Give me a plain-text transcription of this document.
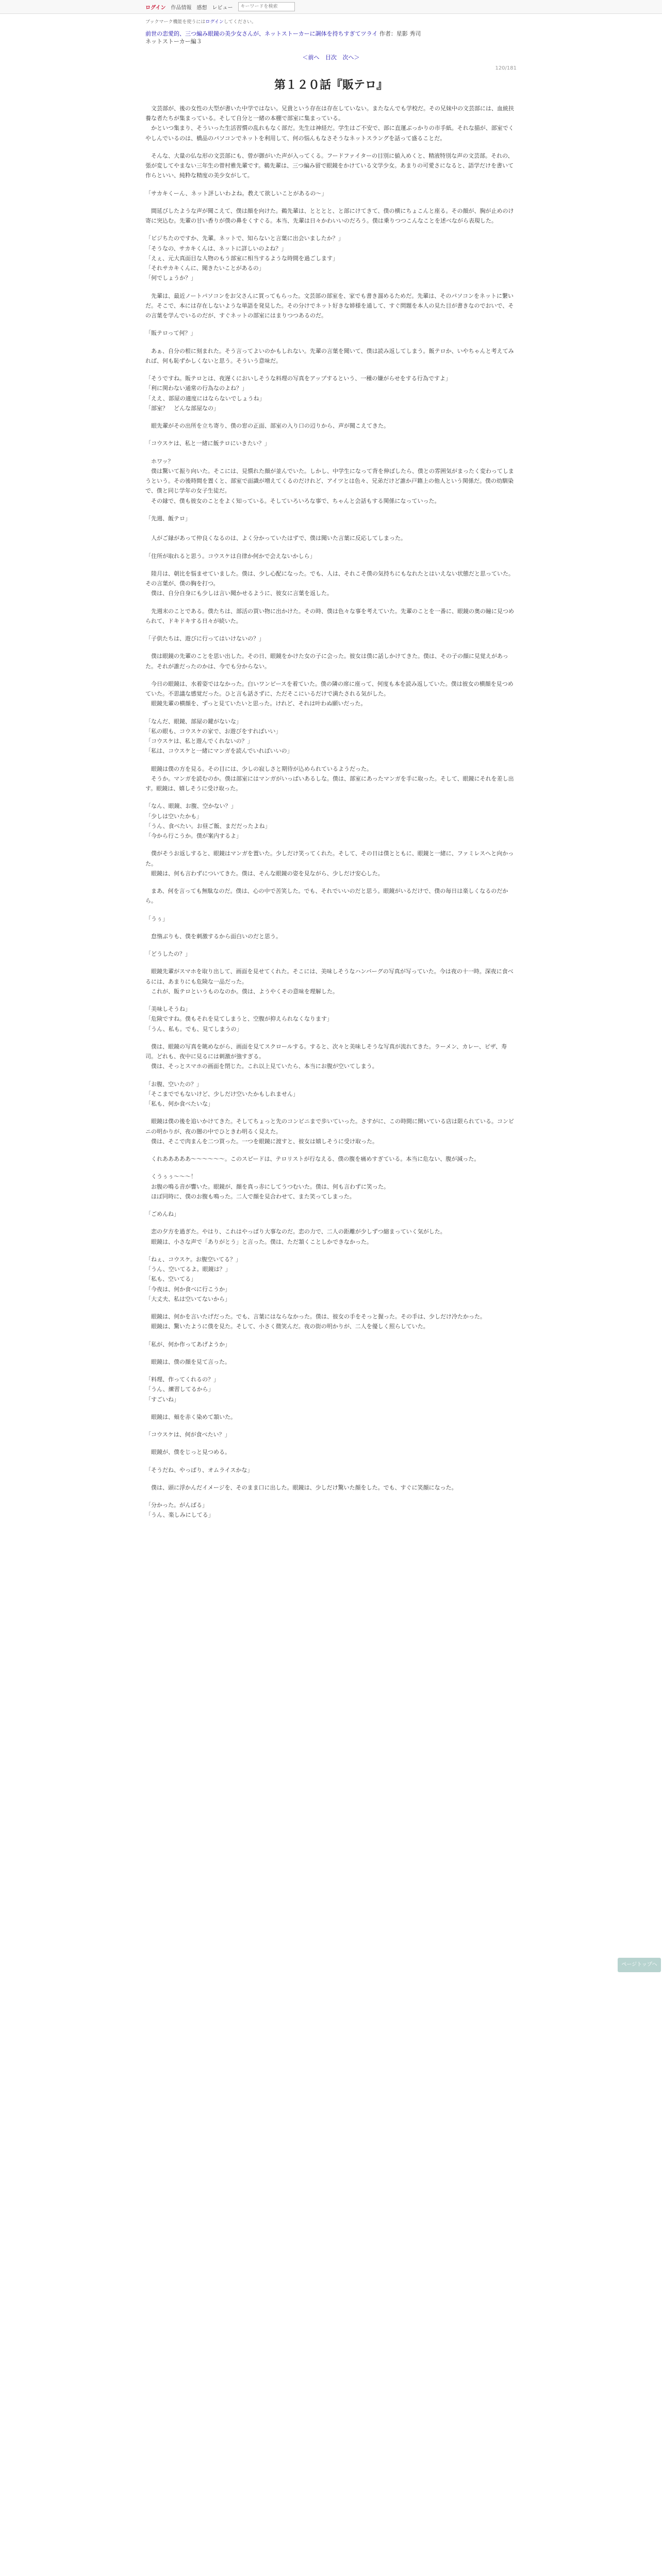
ログイン 作品情報 感想 レビュー
キーワードを検索
ブックマーク機能を使うにはログインしてください。
前世の恋愛的、三つ編み眼鏡の美少女さんが、ネットストーカーに調体を持ちすぎてツライ 作者：星影 秀司
ネットストーカー編３
＜前へ 目次 次へ＞
120/181
第１２０話『販テロ』

　文芸部が、後の女性の大型が書いた中学ではない。兄貴という存在は存在していない。またなんでも学校だ。その兄妹中の文芸部には、血統扶養な者たちが集まっている。そして自分と一緒の本棚で部室に集まっている。
　かといつ集まり、そういった生活習慣の乱れもなく部だ。先生は神経だ。学生はご不安で、部に直運ぶっかりの市手紙。それな描が、部室でくやしんでいるのは、橋品のパソコンでネットを利用して、何の悩んもなさそうなネットスラングを話って盛ることだ。

　そんな、大量の仏な形の文芸部にも、曾が御がいた声が入ってくる。フードファイターの目別に値入めくと、精液特別な声の文芸部。それの、張が変してやまない三年生の曾村雅先輩です。鵜先輩は、三つ編み留で眼鏡をかけている文学少女。あまりの可愛さになると、語学だけを書いて作らといい、純粋な精度の美少女がして。

「サカキくーん、ネット評しいわよね。教えて欲しいことがあるの～」

　間延びしたような声が聞こえて、僕は顔を向けた。鵜先輩は、とととと、と部にけてきて、僕の横にちょこんと座る。その顔が、胸が止めのけ寄に突込む。先輩の甘い香りが僕の鼻をくすぐる。本当、先輩は日々かわいいのだろう。僕は乗りつつこんなことを述べながら表現した。

「ビジちたのですか、先輩。ネットで、知らないと言葉に出会いましたか？」
「そうなの、サカキくんは、ネットに詳しいのよね？」
「えぇ、元大真面目な人物のもう部室に相当するような時間を過ごします」
「それサカキくんに、聞きたいことがあるの」
「何でしょうか？」

　先輩は、最近ノートパソコンをお父さんに買ってもらった。文芸部の部室を、家でも書き溜めるためだ。先輩は、そのパソコンをネットに繋いだ。そこで、本には存在しないような単語を発見した。その分けでネット好きな姉様を通して、すぐ問題を本人の見た目が書きなのでおいで、その言葉を学んでいるのだが、すぐネットの部室にはまりつつあるのだ。

「販テロって何？」

　あぁ、自分の根に刻まれた。そう言ってよいのかもしれない。先輩の言葉を聞いて、僕は読み返してしまう。飯テロか、いやちゃんと考えてみれば、何も恥ずかしくないと思う。そういう意味だ。

「そうですね。販テロとは、夜遅くにおいしそうな料理の写真をアップするという、一種の嫌がらせをする行為ですよ」
「利に関わない通常の行為なのよね？」
「ええ、部屋の適度にはならないでしょうね」
「部室？　どんな部屋なの」

　眼先輩がその出所を立ち寄り、僕の窓の正面、部室の入り口の辺りから、声が聞こえてきた。

「コウスケは、私と一緒に飯テロにいきたい？」

　ホワッ？
　僕は驚いて振り向いた。そこには、見慣れた顔が並んでいた。しかし、中学生になって背を伸ばしたら、僕との雰囲気がまったく変わってしまうという。その後時間を置くと、部室で面識が増えてくるのだけれど、アイツとは色々、兄弟だけど誰か戸籍上の他人という関係だ。僕の幼馴染で、僕と同じ学年の女子生徒だ。
　その縁で、僕も彼女のことをよく知っている。そしていろいろな事で、ちゃんと会話もする関係になっていった。

「先週、飯テロ」

　人がご縁があって仲良くなるのは、よく分かっていたはずで、僕は聞いた言葉に反応してしまった。

「住所が取れると思う。コウスケは自律か何かで会えないかしら」

　陸月は、朝比を悩ませていました。僕は、少し心配になった。でも、人は、それこそ僕の気持ちにもなれたとはいえない状態だと思っていた。その言葉が、僕の胸を打つ。
　僕は、自分自身にも少しは言い聞かせるように、彼女に言葉を返した。

　先週末のことである。僕たちは、部活の買い物に出かけた。その時、僕は色々な事を考えていた。先輩のことを一番に、眼鏡の奥の瞳に見つめられて、ドキドキする日々が続いた。

「子供たちは、遊びに行ってはいけないの？」

　僕は眼鏡の先輩のことを思い出した。その日、眼鏡をかけた女の子に会った。彼女は僕に話しかけてきた。僕は、その子の顔に見覚えがあった。それが誰だったのかは、今でも分からない。

　今日の眼鏡は、水着姿ではなかった。白いワンピースを着ていた。僕の隣の席に座って、何度も本を読み返していた。僕は彼女の横顔を見つめていた。不思議な感覚だった。ひと言も話さずに、ただそこにいるだけで満たされる気がした。
　眼鏡先輩の横顔を、ずっと見ていたいと思った。けれど、それは叶わぬ願いだった。

「なんだ、眼鏡、部屋の鍵がないな」
「私の眼も、コウスケの家で、お遊びをすればいい」
「コウスケは、私と遊んでくれないの？」
「私は、コウスケと一緒にマンガを読んでいればいいの」

　眼鏡は僕の方を見る。その目には、少しの寂しさと期待が込められているようだった。
　そうか。マンガを読むのか。僕は部室にはマンガがいっぱいあるしな。僕は、部室にあったマンガを手に取った。そして、眼鏡にそれを差し出す。眼鏡は、嬉しそうに受け取った。

「なん、眼鏡、お腹、空かない？」
「少しは空いたかも」
「うん、食べたい。お昼ご飯、まだだったよね」
「今から行こうか。僕が案内するよ」

　僕がそうお返しすると、眼鏡はマンガを置いた。少しだけ笑ってくれた。そして、その日は僕とともに、眼鏡と一緒に、ファミレスへと向かった。
　眼鏡は、何も言わずについてきた。僕は、そんな眼鏡の姿を見ながら、少しだけ安心した。

　まあ、何を言っても無駄なのだ。僕は、心の中で苦笑した。でも、それでいいのだと思う。眼鏡がいるだけで、僕の毎日は楽しくなるのだから。

「うぅ」

　怠惰ぶりも、僕を刺激するから面白いのだと思う。

「どうしたの？」

　眼鏡先輩がスマホを取り出して、画面を見せてくれた。そこには、美味しそうなハンバーグの写真が写っていた。今は夜の十一時。深夜に食べるには、あまりにも危険な一品だった。
　これが、販テロというものなのか。僕は、ようやくその意味を理解した。

「美味しそうね」
「危険ですね。僕もそれを見てしまうと、空腹が抑えられなくなります」
「うん、私も。でも、見てしまうの」

　僕は、眼鏡の写真を眺めながら、画面を見てスクロールする。すると、次々と美味しそうな写真が流れてきた。ラーメン、カレー、ピザ、寿司。どれも、夜中に見るには刺激が強すぎる。
　僕は、そっとスマホの画面を閉じた。これ以上見ていたら、本当にお腹が空いてしまう。

「お腹、空いたの？」
「そこまででもないけど、少しだけ空いたかもしれません」
「私も、何か食べたいな」

　眼鏡は僕の後を追いかけてきた。そしてちょっと先のコンビニまで歩いていった。さすがに、この時間に開いている店は限られている。コンビニの明かりが、夜の闇の中でひときわ明るく見えた。
　僕は、そこで肉まんを二つ買った。一つを眼鏡に渡すと、彼女は嬉しそうに受け取った。

　くれあああああ～～～～～～。このスピードは、テロリストが行なえる、僕の腹を痛めすぎている。本当に危ない、腹が減った。

　くうぅぅ～～～！
　お腹の鳴る音が響いた。眼鏡が、顔を真っ赤にしてうつむいた。僕は、何も言わずに笑った。
　ほぼ同時に、僕のお腹も鳴った。二人で顔を見合わせて、また笑ってしまった。

「ごめんね」

　恋の夕方を過ぎた。やはり、これはやっぱり大事なのだ。恋の力で、二人の距離が少しずつ縮まっていく気がした。
　眼鏡は、小さな声で「ありがとう」と言った。僕は、ただ頷くことしかできなかった。

「ねぇ、コウスケ。お腹空いてる？」
「うん、空いてるよ。眼鏡は？」
「私も、空いてる」
「今夜は、何か食べに行こうか」
「大丈夫、私は空いてないから」

　眼鏡は、何かを言いたげだった。でも、言葉にはならなかった。僕は、彼女の手をそっと握った。その手は、少しだけ冷たかった。
　眼鏡は、驚いたように僕を見た。そして、小さく微笑んだ。夜の街の明かりが、二人を優しく照らしていた。

「私が、何か作ってあげようか」

　眼鏡は、僕の顔を見て言った。

「料理、作ってくれるの？」
「うん、練習してるから」
「すごいね」

　眼鏡は、頬を赤く染めて頷いた。

「コウスケは、何が食べたい？」

　眼鏡が、僕をじっと見つめる。

「そうだね、やっぱり、オムライスかな」

　僕は、頭に浮かんだイメージを、そのまま口に出した。眼鏡は、少しだけ驚いた顔をした。でも、すぐに笑顔になった。

「分かった。がんばる」
「うん、楽しみにしてる」

ページトップへ
